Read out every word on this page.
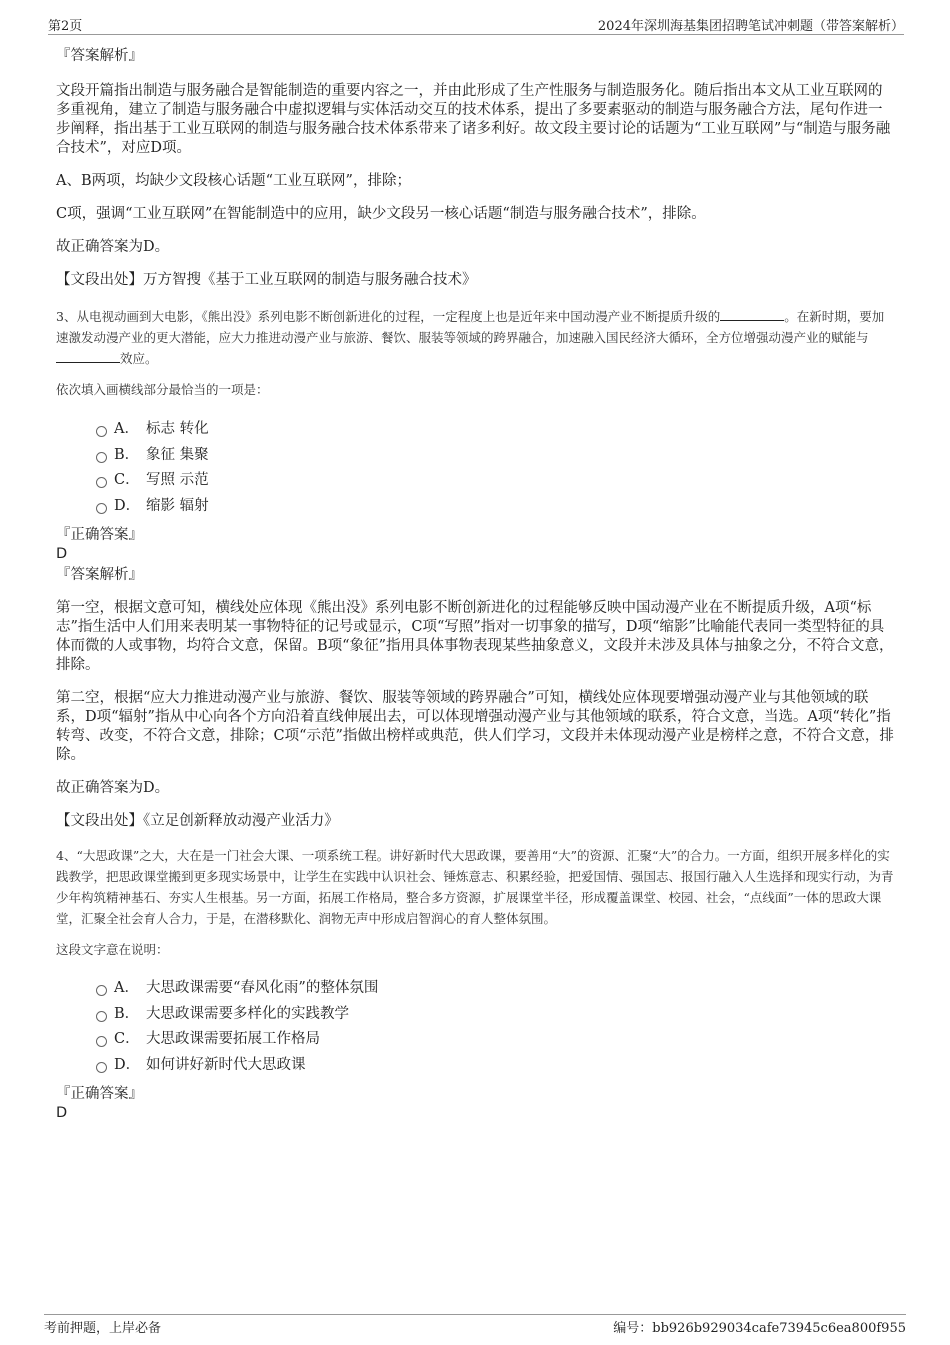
第2页	2024年深圳海基集团招聘笔试冲刺题（带答案解析）

『答案解析』

文段开篇指出制造与服务融合是智能制造的重要内容之一，并由此形成了生产性服务与制造服务化。随后指出本文从工业互联网的多重视角，建立了制造与服务融合中虚拟逻辑与实体活动交互的技术体系，提出了多要素驱动的制造与服务融合方法，尾句作进一步阐释，指出基于工业互联网的制造与服务融合技术体系带来了诸多利好。故文段主要讨论的话题为“工业互联网”与“制造与服务融合技术”，对应D项。

A、B两项，均缺少文段核心话题“工业互联网”，排除；

C项，强调“工业互联网”在智能制造中的应用，缺少文段另一核心话题“制造与服务融合技术”，排除。

故正确答案为D。

【文段出处】万方智搜《基于工业互联网的制造与服务融合技术》

3、从电视动画到大电影，《熊出没》系列电影不断创新进化的过程，一定程度上也是近年来中国动漫产业不断提质升级的	。在新时期，要加速激发动漫产业的更大潜能，应大力推进动漫产业与旅游、餐饮、服装等领域的跨界融合，加速融入国民经济大循环，全方位增强动漫产业的赋能与效应。

依次填入画横线部分最恰当的一项是：

A． 标志 转化
B． 象征 集聚
C． 写照 示范
D． 缩影 辐射

『正确答案』

D

『答案解析』

第一空，根据文意可知，横线处应体现《熊出没》系列电影不断创新进化的过程能够反映中国动漫产业在不断提质升级，A项“标志”指生活中人们用来表明某一事物特征的记号或显示，C项“写照”指对一切事象的描写，D项“缩影”比喻能代表同一类型特征的具体而微的人或事物，均符合文意，保留。B项“象征”指用具体事物表现某些抽象意义，文段并未涉及具体与抽象之分，不符合文意，排除。

第二空，根据“应大力推进动漫产业与旅游、餐饮、服装等领域的跨界融合”可知，横线处应体现要增强动漫产业与其他领域的联系，D项“辐射”指从中心向各个方向沿着直线伸展出去，可以体现增强动漫产业与其他领域的联系，符合文意，当选。A项“转化”指转弯、改变，不符合文意，排除；C项“示范”指做出榜样或典范，供人们学习，文段并未体现动漫产业是榜样之意，不符合文意，排除。

故正确答案为D。

【文段出处】《立足创新释放动漫产业活力》

4、“大思政课”之大，大在是一门社会大课、一项系统工程。讲好新时代大思政课，要善用“大”的资源、汇聚“大”的合力。一方面，组织开展多样化的实践教学，把思政课堂搬到更多现实场景中，让学生在实践中认识社会、锤炼意志、积累经验，把爱国情、强国志、报国行融入人生选择和现实行动，为青少年构筑精神基石、夯实人生根基。另一方面，拓展工作格局，整合多方资源，扩展课堂半径，形成覆盖课堂、校园、社会，“点线面”一体的思政大课堂，汇聚全社会育人合力，于是，在潜移默化、润物无声中形成启智润心的育人整体氛围。

这段文字意在说明：

A． 大思政课需要“春风化雨”的整体氛围
B． 大思政课需要多样化的实践教学
C． 大思政课需要拓展工作格局
D． 如何讲好新时代大思政课

『正确答案』

D

考前押题，上岸必备	编号：bb926b929034cafe73945c6ea800f955
